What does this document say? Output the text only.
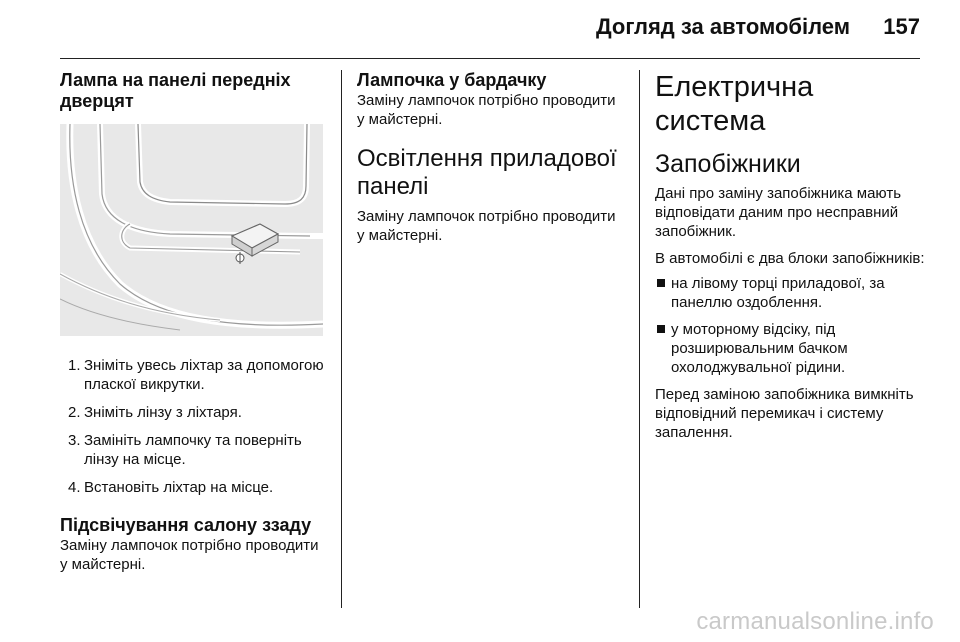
Догляд за автомобілем 157
Лампа на панелі передніх дверцят
1. Зніміть увесь ліхтар за допомогою пласкої викрутки.
2. Зніміть лінзу з ліхтаря.
3. Замініть лампочку та поверніть лінзу на місце.
4. Встановіть ліхтар на місце.
Підсвічування салону ззаду

Заміну лампочок потрібно проводити у майстерні.

Лампочка у бардачку

Заміну лампочок потрібно проводити у майстерні.

Освітлення приладової панелі

Заміну лампочок потрібно проводити у майстерні.

Електрична система
Запобіжники

Дані про заміну запобіжника мають відповідати даним про несправний запобіжник.

В автомобілі є два блоки запобіжників:

на лівому торці приладової, за панеллю оздоблення.
у моторному відсіку, під розширювальним бачком охолоджувальної рідини.

Перед заміною запобіжника вимкніть відповідний перемикач і систему запалення.

carmanualsonline.info
